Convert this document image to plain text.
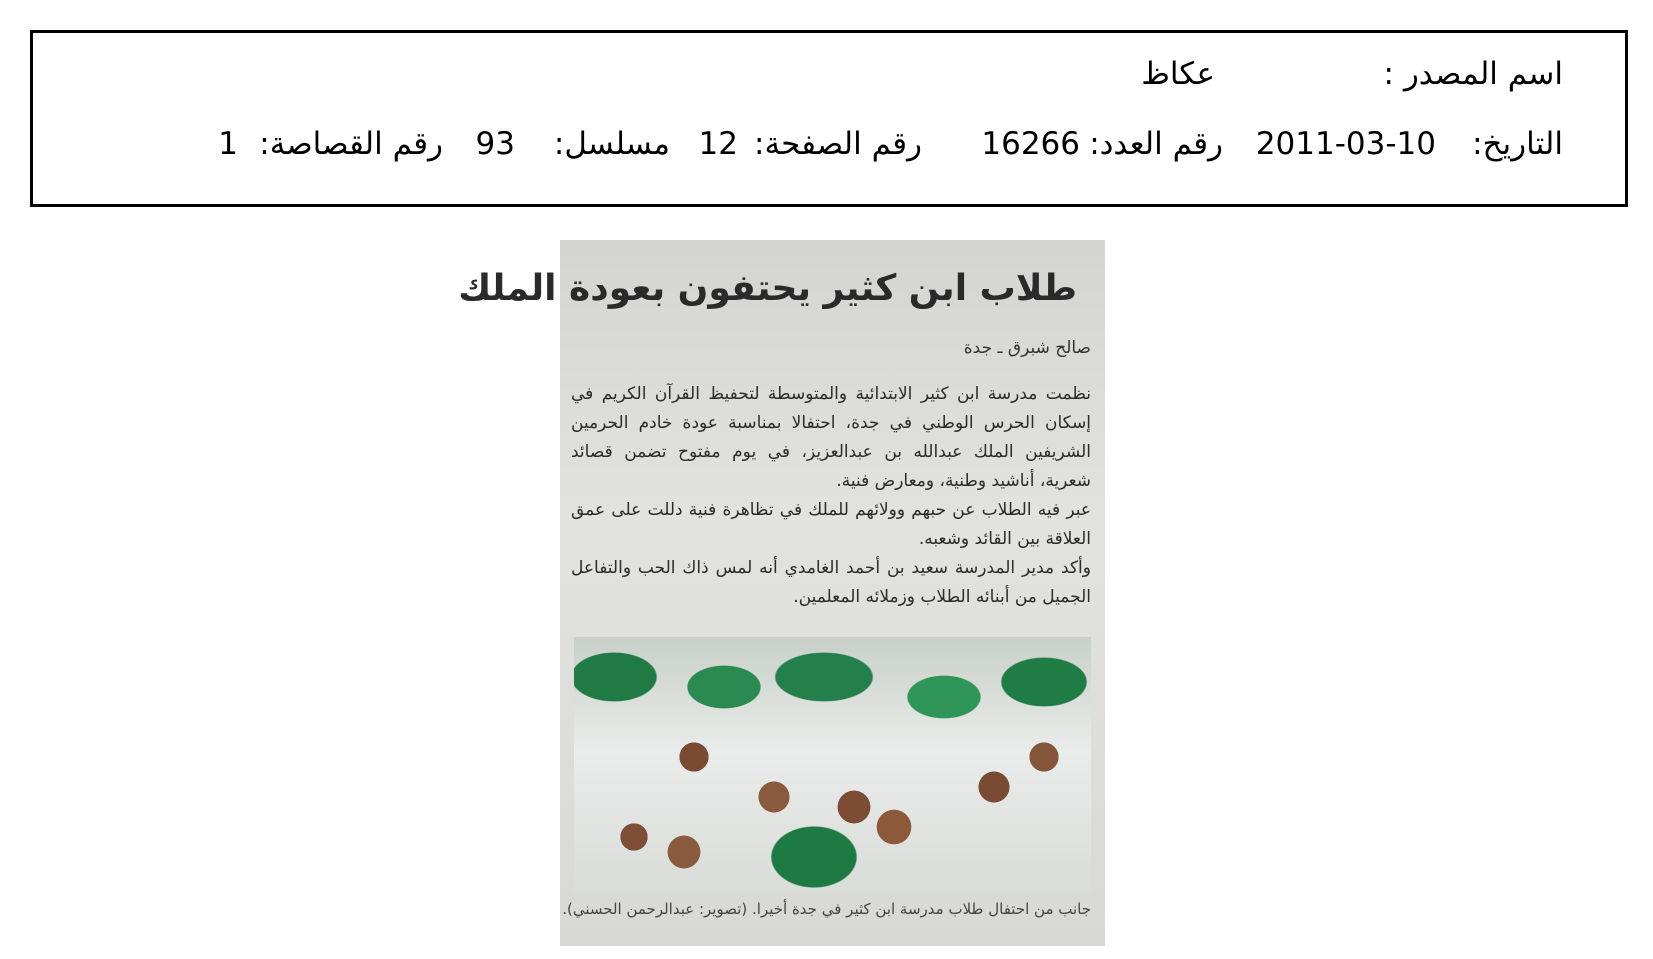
اسم المصدر :
عكاظ
التاريخ:
2011-03-10
رقم العدد:
16266
رقم الصفحة:
12
مسلسل:
93
رقم القصاصة:
1
طلاب ابن كثير يحتفون بعودة الملك
صالح شبرق ـ جدة

نظمت مدرسة ابن كثير الابتدائية والمتوسطة لتحفيظ القرآن الكريم في إسكان الحرس الوطني في جدة، احتفالا بمناسبة عودة خادم الحرمين الشريفين الملك عبدالله بن عبدالعزيز، في يوم مفتوح تضمن قصائد شعرية، أناشيد وطنية، ومعارض فنية.

عبر فيه الطلاب عن حبهم وولائهم للملك في تظاهرة فنية دللت على عمق العلاقة بين القائد وشعبه.

وأكد مدير المدرسة سعيد بن أحمد الغامدي أنه لمس ذاك الحب والتفاعل الجميل من أبنائه الطلاب وزملائه المعلمين.

جانب من احتفال طلاب مدرسة ابن كثير في جدة أخيرا. (تصوير: عبدالرحمن الحسني).
